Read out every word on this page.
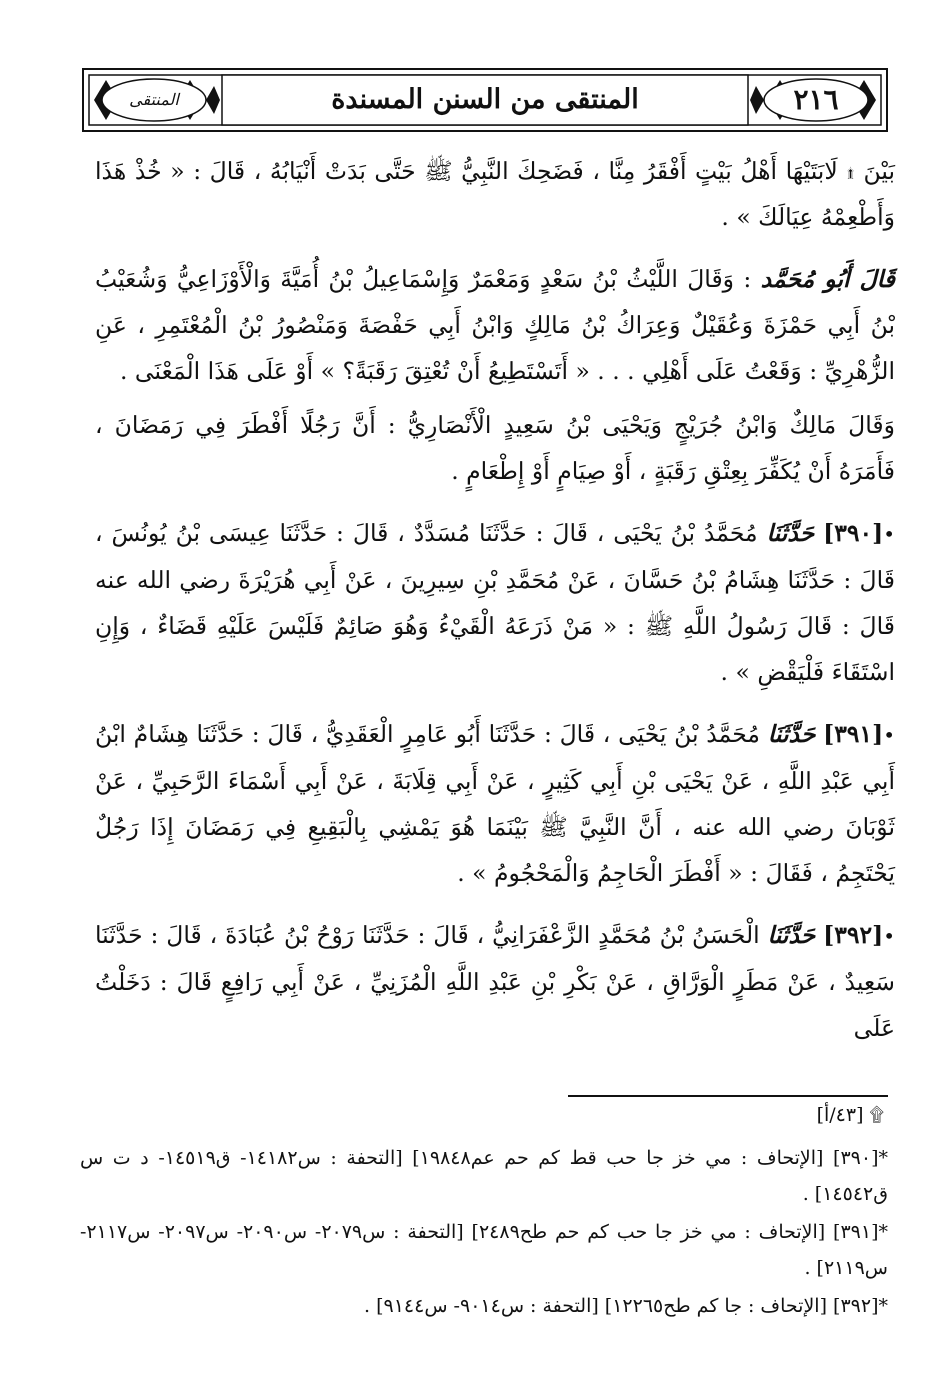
٢١٦
المنتقى من السنن المسندة
المنتقى

بَيْنَ ۩ لَابَتَيْهَا أَهْلُ بَيْتٍ أَفْقَرُ مِنَّا ، فَضَحِكَ النَّبِيُّ ﷺ حَتَّى بَدَتْ أَنْيَابُهُ ، قَالَ : « خُذْ هَذَا وَأَطْعِمْهُ عِيَالَكَ » .

قَالَ أَبُو مُحَمَّد : وَقَالَ اللَّيْثُ بْنُ سَعْدٍ وَمَعْمَرٌ وَإِسْمَاعِيلُ بْنُ أُمَيَّةَ وَالْأَوْزَاعِيُّ وَشُعَيْبُ بْنُ أَبِي حَمْزَةَ وَعُقَيْلٌ وَعِرَاكُ بْنُ مَالِكٍ وَابْنُ أَبِي حَفْصَةَ وَمَنْصُورُ بْنُ الْمُعْتَمِرِ ، عَنِ الزُّهْرِيِّ : وَقَعْتُ عَلَى أَهْلِي . . . « أَتَسْتَطِيعُ أَنْ تُعْتِقَ رَقَبَةً؟ » أَوْ عَلَى هَذَا الْمَعْنَى .

وَقَالَ مَالِكٌ وَابْنُ جُرَيْجٍ وَيَحْيَى بْنُ سَعِيدٍ الْأَنْصَارِيُّ : أَنَّ رَجُلًا أَفْطَرَ فِي رَمَضَانَ ، فَأَمَرَهُ أَنْ يُكَفِّرَ بِعِتْقِ رَقَبَةٍ ، أَوْ صِيَامٍ أَوْ إِطْعَامٍ .

•[٣٩٠] حَدَّثَنَا مُحَمَّدُ بْنُ يَحْيَى ، قَالَ : حَدَّثَنَا مُسَدَّدٌ ، قَالَ : حَدَّثَنَا عِيسَى بْنُ يُونُسَ ، قَالَ : حَدَّثَنَا هِشَامُ بْنُ حَسَّانَ ، عَنْ مُحَمَّدِ بْنِ سِيرِينَ ، عَنْ أَبِي هُرَيْرَةَ رضي الله عنه قَالَ : قَالَ رَسُولُ اللَّهِ ﷺ : « مَنْ ذَرَعَهُ الْقَيْءُ وَهُوَ صَائِمٌ فَلَيْسَ عَلَيْهِ قَضَاءٌ ، وَإِنِ اسْتَقَاءَ فَلْيَقْضِ » .

•[٣٩١] حَدَّثَنَا مُحَمَّدُ بْنُ يَحْيَى ، قَالَ : حَدَّثَنَا أَبُو عَامِرٍ الْعَقَدِيُّ ، قَالَ : حَدَّثَنَا هِشَامٌ ابْنُ أَبِي عَبْدِ اللَّهِ ، عَنْ يَحْيَى بْنِ أَبِي كَثِيرٍ ، عَنْ أَبِي قِلَابَةَ ، عَنْ أَبِي أَسْمَاءَ الرَّحَبِيِّ ، عَنْ ثَوْبَانَ رضي الله عنه ، أَنَّ النَّبِيَّ ﷺ بَيْنَمَا هُوَ يَمْشِي بِالْبَقِيعِ فِي رَمَضَانَ إِذَا رَجُلٌ يَحْتَجِمُ ، فَقَالَ : « أَفْطَرَ الْحَاجِمُ وَالْمَحْجُومُ » .

•[٣٩٢] حَدَّثَنَا الْحَسَنُ بْنُ مُحَمَّدٍ الزَّعْفَرَانِيُّ ، قَالَ : حَدَّثَنَا رَوْحُ بْنُ عُبَادَةَ ، قَالَ : حَدَّثَنَا سَعِيدٌ ، عَنْ مَطَرٍ الْوَرَّاقِ ، عَنْ بَكْرِ بْنِ عَبْدِ اللَّهِ الْمُزَنِيِّ ، عَنْ أَبِي رَافِعٍ قَالَ : دَخَلْتُ عَلَى

۩ [٤٣/أ]

*[٣٩٠] [الإتحاف : مي خز جا حب قط كم حم عم١٩٨٤٨] [التحفة : س١٤١٨٢- ق١٤٥١٩- د ت س ق١٤٥٤٢] .

*[٣٩١] [الإتحاف : مي خز جا حب كم حم طح٢٤٨٩] [التحفة : س٢٠٧٩- س٢٠٩٠- س٢٠٩٧- س٢١١٧- س٢١١٩] .

*[٣٩٢] [الإتحاف : جا كم طح١٢٢٦٥] [التحفة : س٩٠١٤- س٩١٤٤] .
